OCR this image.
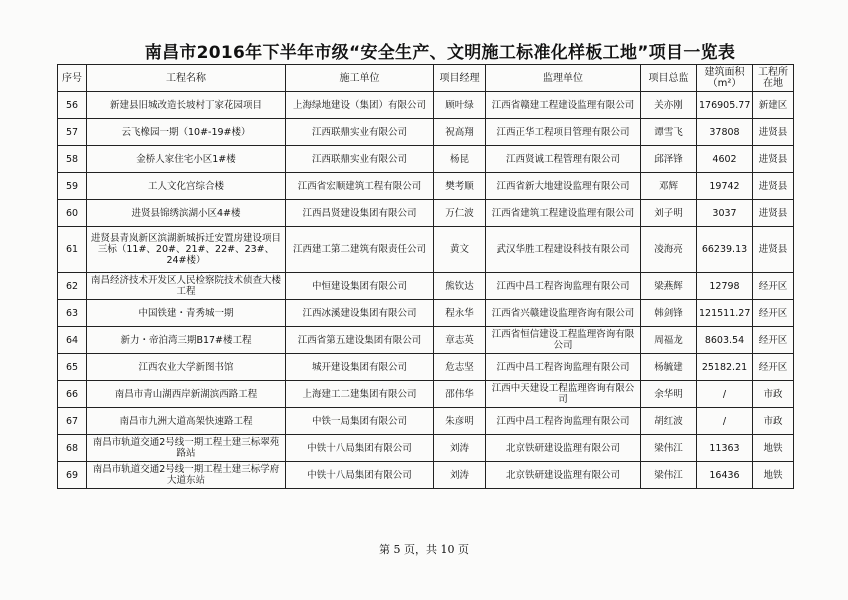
南昌市2016年下半年市级“安全生产、文明施工标准化样板工地”项目一览表
序号	工程名称	施工单位	项目经理	监理单位	项目总监	建筑面积（m²）	工程所在地
56	新建县旧城改造长坡村丁家花园项目	上海绿地建设（集团）有限公司	顾叶绿	江西省赣建工程建设监理有限公司	关亦刚	176905.77	新建区
57	云飞橡园一期（10#-19#楼）	江西联鼎实业有限公司	祝高翔	江西正华工程项目管理有限公司	谭雪飞	37808	进贤县
58	金桥人家住宅小区1#楼	江西联鼎实业有限公司	杨昆	江西贤诚工程管理有限公司	邱泽锋	4602	进贤县
59	工人文化宫综合楼	江西省宏顺建筑工程有限公司	樊考顺	江西省新大地建设监理有限公司	邓辉	19742	进贤县
60	进贤县锦绣滨湖小区4#楼	江西昌贤建设集团有限公司	万仁波	江西省建筑工程建设监理有限公司	刘子明	3037	进贤县
61	进贤县青岚新区滨湖新城拆迁安置房建设项目三标（11#、20#、21#、22#、23#、24#楼）	江西建工第二建筑有限责任公司	黄文	武汉华胜工程建设科技有限公司	凌海亮	66239.13	进贤县
62	南昌经济技术开发区人民检察院技术侦查大楼工程	中恒建设集团有限公司	熊钦达	江西中昌工程咨询监理有限公司	梁燕辉	12798	经开区
63	中国铁建・青秀城一期	江西冰溪建设集团有限公司	程永华	江西省兴赣建设监理咨询有限公司	韩剑锋	121511.27	经开区
64	新力・帝泊湾三期B17#楼工程	江西省第五建设集团有限公司	章志英	江西省恒信建设工程监理咨询有限公司	周福龙	8603.54	经开区
65	江西农业大学新图书馆	城开建设集团有限公司	危志坚	江西中昌工程咨询监理有限公司	杨毓建	25182.21	经开区
66	南昌市青山湖西岸新湖滨西路工程	上海建工二建集团有限公司	邵伟华	江西中天建设工程监理咨询有限公司	余华明	/	市政
67	南昌市九洲大道高架快速路工程	中铁一局集团有限公司	朱彦明	江西中昌工程咨询监理有限公司	胡红波	/	市政
68	南昌市轨道交通2号线一期工程土建三标翠苑路站	中铁十八局集团有限公司	刘涛	北京铁研建设监理有限公司	梁伟江	11363	地铁
69	南昌市轨道交通2号线一期工程土建三标学府大道东站	中铁十八局集团有限公司	刘涛	北京铁研建设监理有限公司	梁伟江	16436	地铁
第 5 页，共 10 页
